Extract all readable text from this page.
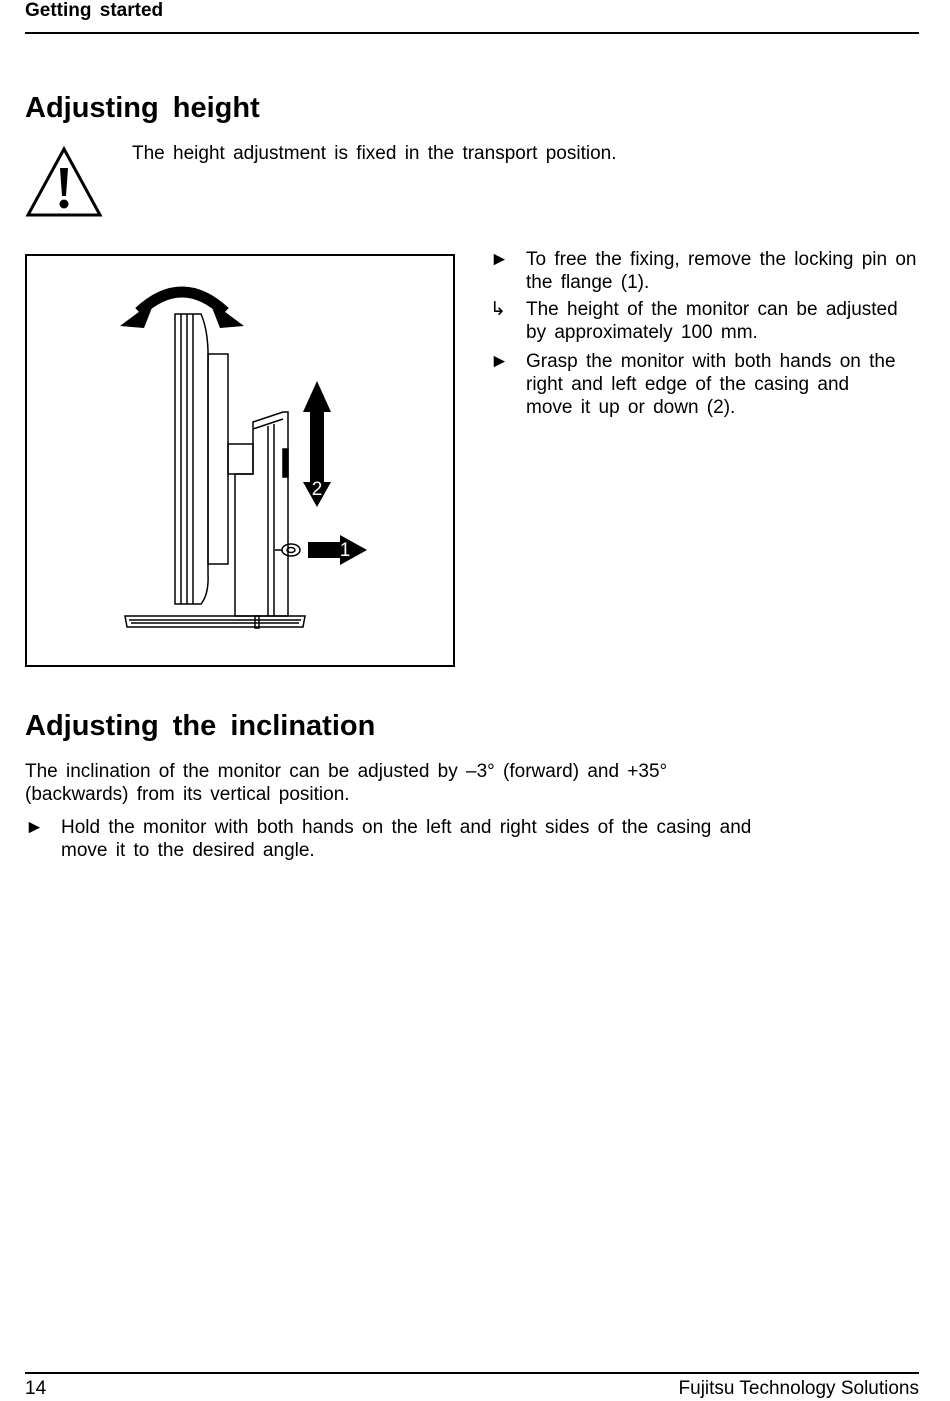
Getting started
Adjusting height
The height adjustment is fixed in the transport position.
2
1
► To free the fixing, remove the locking pin on the flange (1).
↳ The height of the monitor can be adjusted by approximately 100 mm.
► Grasp the monitor with both hands on the right and left edge of the casing and move it up or down (2).
Adjusting the inclination
The inclination of the monitor can be adjusted by –3° (forward) and +35° (backwards) from its vertical position.
► Hold the monitor with both hands on the left and right sides of the casing and move it to the desired angle.
14	Fujitsu Technology Solutions
